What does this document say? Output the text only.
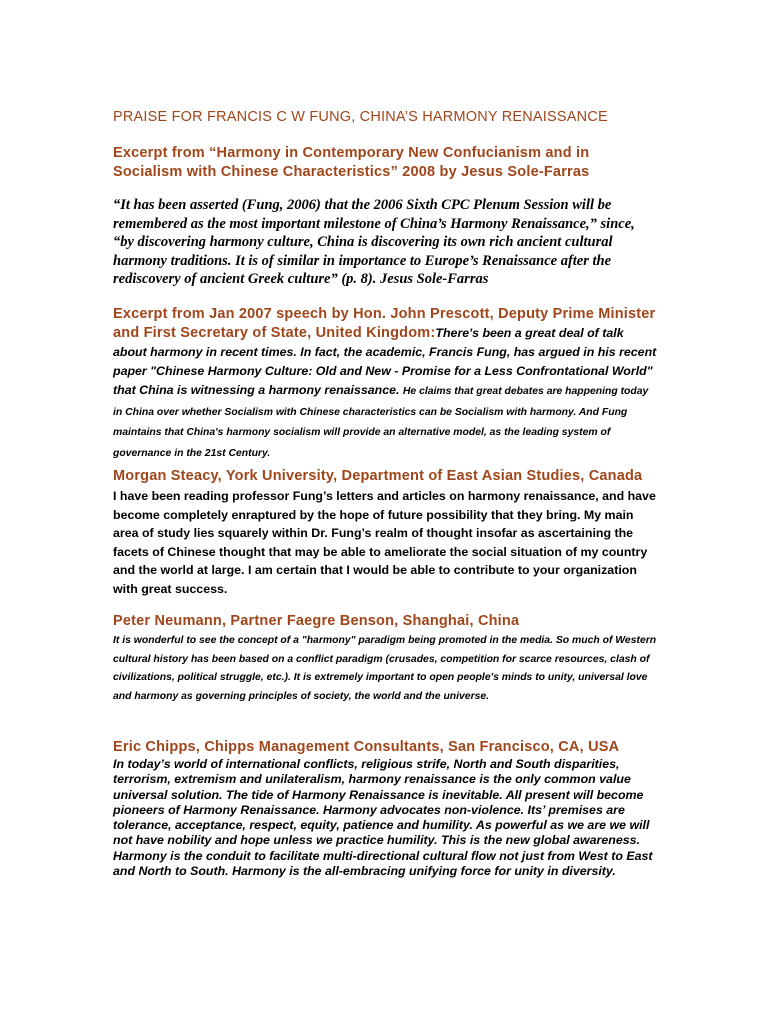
PRAISE FOR FRANCIS C W FUNG, CHINA’S HARMONY RENAISSANCE
Excerpt from “Harmony in Contemporary New Confucianism and in Socialism with Chinese Characteristics” 2008 by Jesus Sole-Farras
“It has been asserted (Fung, 2006) that the 2006 Sixth CPC Plenum Session will be remembered as the most important milestone of China’s Harmony Renaissance,” since, “by discovering harmony culture, China is discovering its own rich ancient cultural harmony traditions. It is of similar in importance to Europe’s Renaissance after the rediscovery of ancient Greek culture” (p. 8). Jesus Sole-Farras
Excerpt from Jan 2007 speech by Hon. John Prescott, Deputy Prime Minister and First Secretary of State, United Kingdom:There's been a great deal of talk about harmony in recent times. In fact, the academic, Francis Fung, has argued in his recent paper "Chinese Harmony Culture: Old and New - Promise for a Less Confrontational World" that China is witnessing a harmony renaissance. He claims that great debates are happening today in China over whether Socialism with Chinese characteristics can be Socialism with harmony. And Fung maintains that China's harmony socialism will provide an alternative model, as the leading system of governance in the 21st Century.
Morgan Steacy, York University, Department of East Asian Studies, Canada
I have been reading professor Fung’s letters and articles on harmony renaissance, and have become completely enraptured by the hope of future possibility that they bring. My main area of study lies squarely within Dr. Fung’s realm of thought insofar as ascertaining the facets of Chinese thought that may be able to ameliorate the social situation of my country and the world at large. I am certain that I would be able to contribute to your organization with great success.
Peter Neumann, Partner Faegre Benson, Shanghai, China
It is wonderful to see the concept of a "harmony" paradigm being promoted in the media. So much of Western cultural history has been based on a conflict paradigm (crusades, competition for scarce resources, clash of civilizations, political struggle, etc.). It is extremely important to open people's minds to unity, universal love and harmony as governing principles of society, the world and the universe.
Eric Chipps, Chipps Management Consultants, San Francisco, CA, USA
In today’s world of international conflicts, religious strife, North and South disparities, terrorism, extremism and unilateralism, harmony renaissance is the only common value universal solution. The tide of Harmony Renaissance is inevitable. All present will become pioneers of Harmony Renaissance. Harmony advocates non-violence. Its’ premises are tolerance, acceptance, respect, equity, patience and humility. As powerful as we are we will not have nobility and hope unless we practice humility. This is the new global awareness. Harmony is the conduit to facilitate multi-directional cultural flow not just from West to East and North to South. Harmony is the all-embracing unifying force for unity in diversity.
